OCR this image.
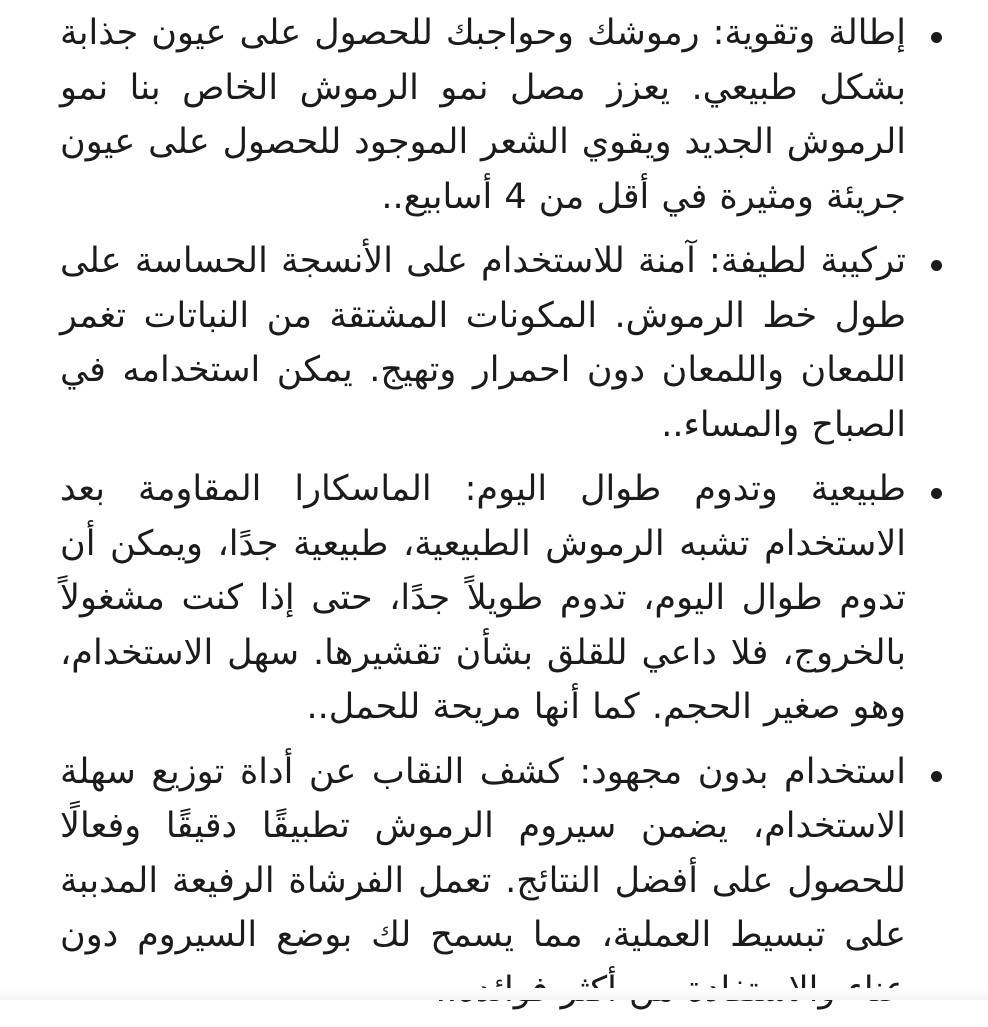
إطالة وتقوية: رموشك وحواجبك للحصول على عيون جذابة بشكل طبيعي. يعزز مصل نمو الرموش الخاص بنا نمو الرموش الجديد ويقوي الشعر الموجود للحصول على عيون جريئة ومثيرة في أقل من 4 أسابيع..
تركيبة لطيفة: آمنة للاستخدام على الأنسجة الحساسة على طول خط الرموش. المكونات المشتقة من النباتات تغمر اللمعان واللمعان دون احمرار وتهيج. يمكن استخدامه في الصباح والمساء..
طبيعية وتدوم طوال اليوم: الماسكارا المقاومة بعد الاستخدام تشبه الرموش الطبيعية، طبيعية جدًا، ويمكن أن تدوم طوال اليوم، تدوم طويلاً جدًا، حتى إذا كنت مشغولاً بالخروج، فلا داعي للقلق بشأن تقشيرها. سهل الاستخدام، وهو صغير الحجم. كما أنها مريحة للحمل..
استخدام بدون مجهود: كشف النقاب عن أداة توزيع سهلة الاستخدام، يضمن سيروم الرموش تطبيقًا دقيقًا وفعالًا للحصول على أفضل النتائج. تعمل الفرشاة الرفيعة المدببة على تبسيط العملية، مما يسمح لك بوضع السيروم دون
